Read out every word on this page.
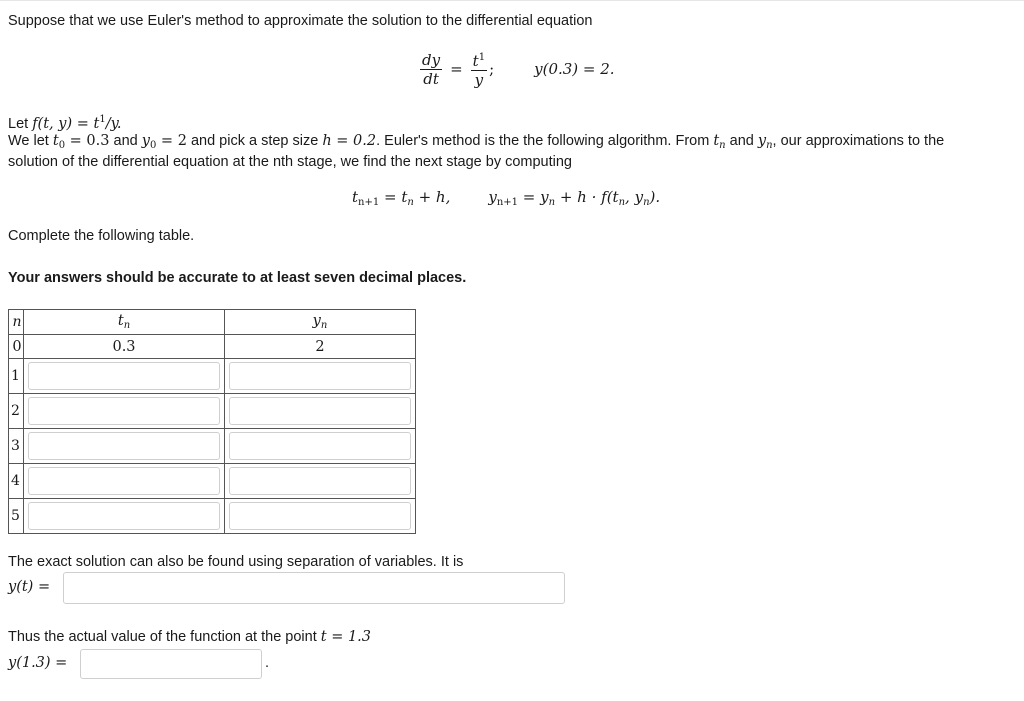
Suppose that we use Euler's method to approximate the solution to the differential equation
$\frac{dy}{dt} = \frac{t^1}{y}$ ;	y(0.3) = 2.
Let f(t, $y) = t^1/y$.
We let $t_0 = 0.3$ and $y_0 = 2$ and pick a step size h = 0.2. Euler's method is the the following algorithm. From $t_n$ and $y_n$, our approximations to the
solution of the differential equation at the nth stage, we find the next stage by computing
$t_{n+1} = t_n + h$,	$y_{n+1} = y_n + h \cdot f(t_n$, $y_n$).
Complete the following table.
Your answers should be accurate to at least seven decimal places.
n	$t_n$	$y_n$
0	0.3	2
1	

2	

3	

4	

5	

The exact solution can also be found using separation of variables. It is
y(t) =
Thus the actual value of the function at the point t = 1.3
y(1.3) =	.
